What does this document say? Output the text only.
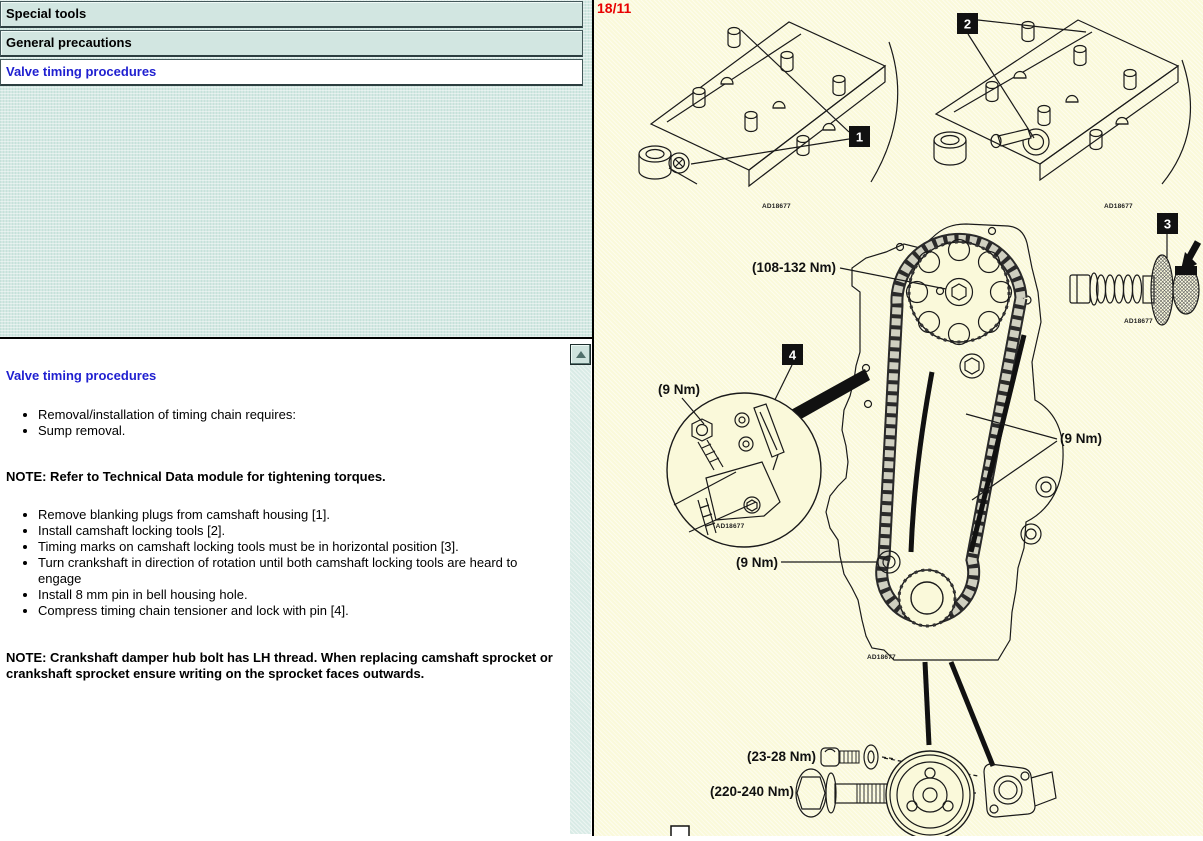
Special tools
General precautions
Valve timing procedures
Valve timing procedures
• Removal/installation of timing chain requires:
• Sump removal.

NOTE: Refer to Technical Data module for tightening torques.

• Remove blanking plugs from camshaft housing [1].
• Install camshaft locking tools [2].
• Timing marks on camshaft locking tools must be in horizontal position [3].
• Turn crankshaft in direction of rotation until both camshaft locking tools are heard to engage
• Install 8 mm pin in bell housing hole.
• Compress timing chain tensioner and lock with pin [4].

NOTE: Crankshaft damper hub bolt has LH thread. When replacing camshaft sprocket or crankshaft sprocket ensure writing on the sprocket faces outwards.

18/11
1
AD18677
2
AD18677
3
AD18677
(108-132 Nm)
4
AD18677
(9 Nm)
(9 Nm)
(9 Nm)
AD18677
(23-28 Nm)
(220-240 Nm)
